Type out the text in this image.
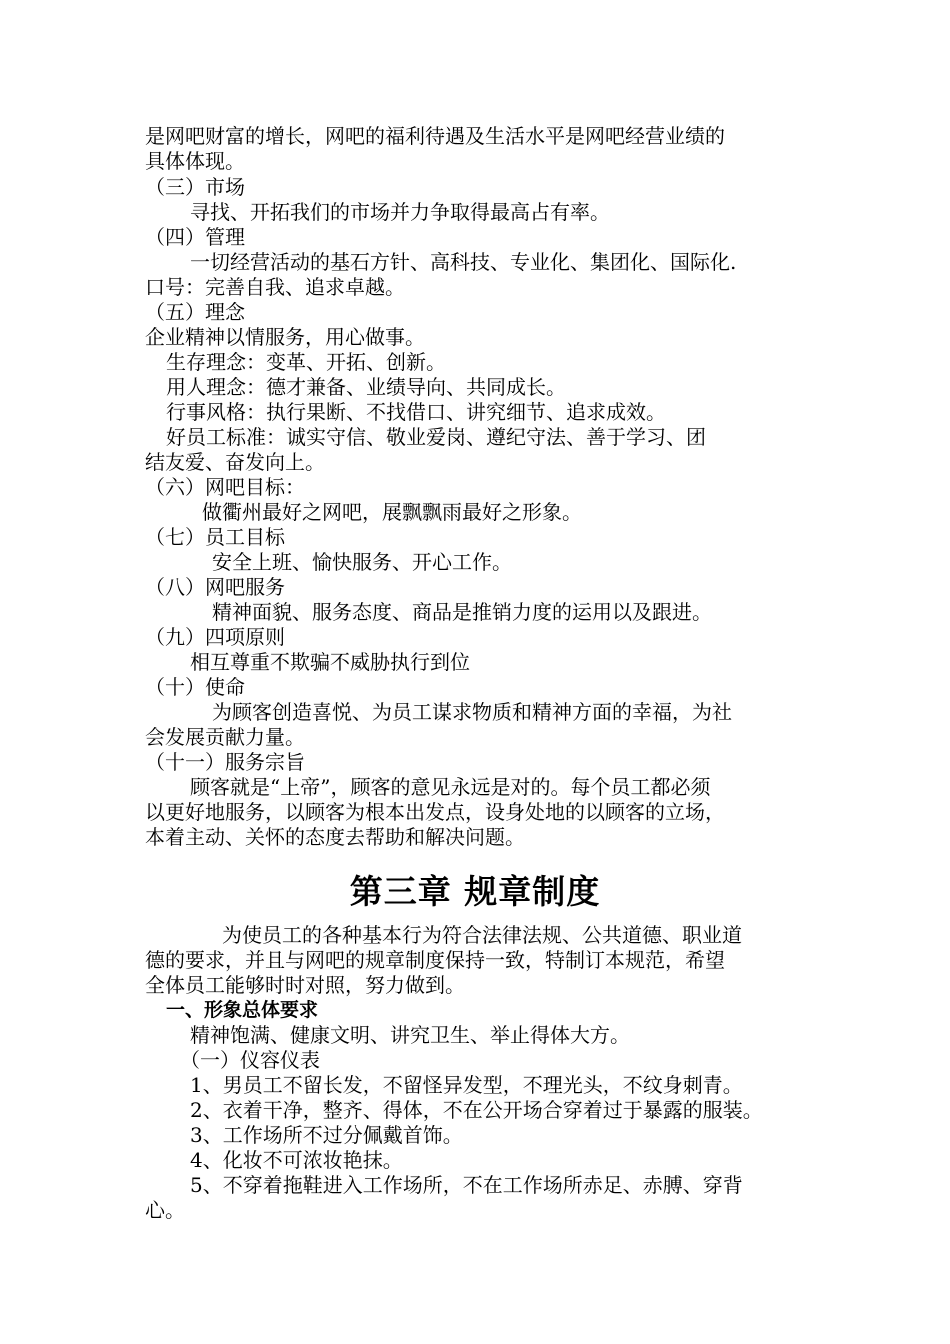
是网吧财富的增长，网吧的福利待遇及生活水平是网吧经营业绩的
具体体现。
（三）市场
寻找、开拓我们的市场并力争取得最高占有率。
（四）管理
一切经营活动的基石方针、高科技、专业化、集团化、国际化.
口号：完善自我、追求卓越。
（五）理念
企业精神以情服务，用心做事。
生存理念：变革、开拓、创新。
用人理念：德才兼备、业绩导向、共同成长。
行事风格：执行果断、不找借口、讲究细节、追求成效。
好员工标准：诚实守信、敬业爱岗、遵纪守法、善于学习、团
结友爱、奋发向上。
（六）网吧目标：
做衢州最好之网吧，展飘飘雨最好之形象。
（七）员工目标
安全上班、愉快服务、开心工作。
（八）网吧服务
精神面貌、服务态度、商品是推销力度的运用以及跟进。
（九）四项原则
相互尊重不欺骗不威胁执行到位
（十）使命
为顾客创造喜悦、为员工谋求物质和精神方面的幸福，为社
会发展贡献力量。
（十一）服务宗旨
顾客就是“上帝”，顾客的意见永远是对的。每个员工都必须
以更好地服务，以顾客为根本出发点，设身处地的以顾客的立场，
本着主动、关怀的态度去帮助和解决问题。
第三章 规章制度
为使员工的各种基本行为符合法律法规、公共道德、职业道
德的要求，并且与网吧的规章制度保持一致，特制订本规范，希望
全体员工能够时时对照，努力做到。
一、形象总体要求
精神饱满、健康文明、讲究卫生、举止得体大方。
（一）仪容仪表
1、男员工不留长发，不留怪异发型，不理光头，不纹身刺青。
2、衣着干净，整齐、得体，不在公开场合穿着过于暴露的服装。
3、工作场所不过分佩戴首饰。
4、化妆不可浓妆艳抹。
5、不穿着拖鞋进入工作场所，不在工作场所赤足、赤膊、穿背
心。
